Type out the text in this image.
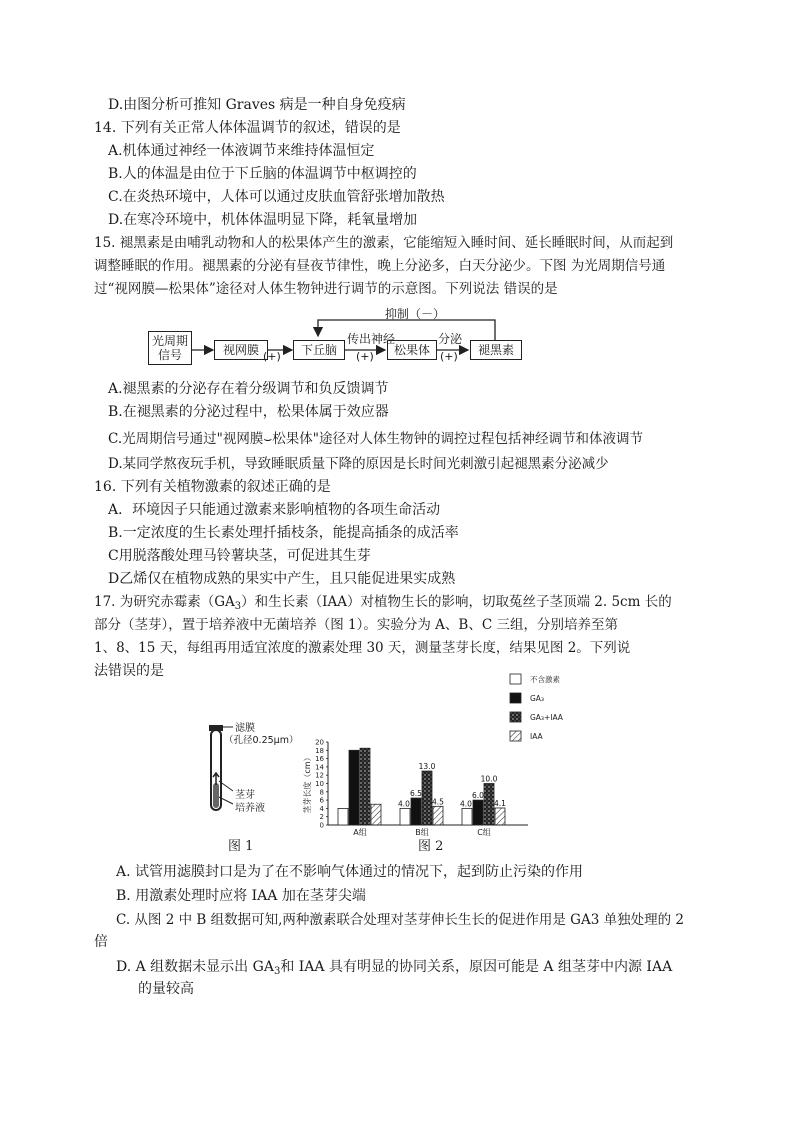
D.由图分析可推知 Graves 病是一种自身免疫病
14. 下列有关正常人体体温调节的叙述，错误的是
A.机体通过神经一体液调节来维持体温恒定
B.人的体温是由位于下丘脑的体温调节中枢调控的
C.在炎热环境中，人体可以通过皮肤血管舒张增加散热
D.在寒冷环境中，机体体温明显下降，耗氧量增加
15. 褪黑素是由哺乳动物和人的松果体产生的激素，它能缩短入睡时间、延长睡眠时间，从而起到
调整睡眠的作用。褪黑素的分泌有昼夜节律性，晚上分泌多，白天分泌少。下图 为光周期信号通
过“视网膜—松果体”途径对人体生物钟进行调节的示意图。下列说法 错误的是
抑制（－）
光周期
信号	视网膜	下丘脑	松果体	褪黑素
传出神经	分泌
(+)	(+)	(+)
A.褪黑素的分泌存在着分级调节和负反馈调节
B.在褪黑素的分泌过程中，松果体属于效应器
C.光周期信号通过"视网膜⌣松果体"途径对人体生物钟的调控过程包括神经调节和体液调节
D.某同学熬夜玩手机，导致睡眠质量下降的原因是长时间光刺激引起褪黑素分泌减少
16. 下列有关植物激素的叙述正确的是
A．环境因子只能通过激素来影响植物的各项生命活动
B.一定浓度的生长素处理扦插枝条，能提高插条的成活率
C用脱落酸处理马铃薯块茎，可促进其生芽
D乙烯仅在植物成熟的果实中产生，且只能促进果实成熟
17. 为研究赤霉素$(GA_3)$和生长素（IAA）对植物生长的影响，切取菟丝子茎顶端 2. 5cm 长的
部分（茎芽），置于培养液中无菌培养（图 1）。实验分为 A、B、C 三组，分别培养至第
1、8、15 天，每组再用适宜浓度的激素处理 30 天，测量茎芽长度，结果见图 2。下列说
法错误的是
滤膜
（孔径0.25μm）
茎芽
培养液
图 1
0
2
4
6
8
10
12
14
16
18
20
茎芽长度（cm）
A组
4.0
6.5
13.0
4.5
B组
4.0
6.0
10.0
4.1
C组
不含激素
GA₃
GA₃+IAA
IAA
图 2
A. 试管用滤膜封口是为了在不影响气体通过的情况下，起到防止污染的作用
B. 用激素处理时应将 IAA 加在茎芽尖端
C. 从图 2 中 B 组数据可知,两种激素联合处理对茎芽伸长生长的促进作用是 GA3 单独处理的 2
倍
D. A 组数据未显示出 $GA_3$和 IAA 具有明显的协同关系，原因可能是 A 组茎芽中内源 IAA
的量较高
